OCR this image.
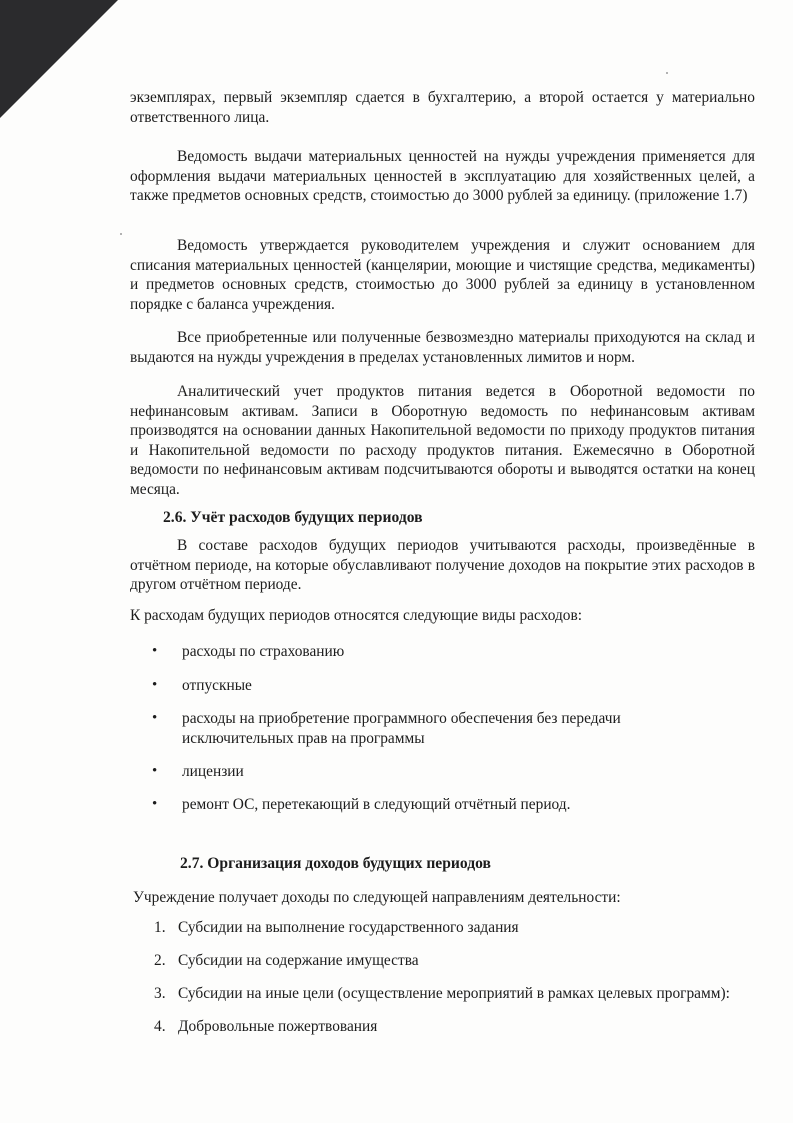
экземплярах, первый экземпляр сдается в бухгалтерию, а второй остается у материально ответственного лица.
Ведомость выдачи материальных ценностей на нужды учреждения применяется для оформления выдачи материальных ценностей в эксплуатацию для хозяйственных целей, а также предметов основных средств, стоимостью до 3000 рублей за единицу. (приложение 1.7)
Ведомость утверждается руководителем учреждения и служит основанием для списания материальных ценностей (канцелярии, моющие и чистящие средства, медикаменты) и предметов основных средств, стоимостью до 3000 рублей за единицу в установленном порядке с баланса учреждения.
Все приобретенные или полученные безвозмездно материалы приходуются на склад и выдаются на нужды учреждения в пределах установленных лимитов и норм.
Аналитический учет продуктов питания ведется в Оборотной ведомости по нефинансовым активам. Записи в Оборотную ведомость по нефинансовым активам производятся на основании данных Накопительной ведомости по приходу продуктов питания и Накопительной ведомости по расходу продуктов питания. Ежемесячно в Оборотной ведомости по нефинансовым активам подсчитываются обороты и выводятся остатки на конец месяца.
2.6. Учёт расходов будущих периодов
В составе расходов будущих периодов учитываются расходы, произведённые в отчётном периоде, на которые обуславливают получение доходов на покрытие этих расходов в другом отчётном периоде.
К расходам будущих периодов относятся следующие виды расходов:
•	расходы по страхованию
•	отпускные
•	расходы на приобретение программного обеспечения без передачи исключительных прав на программы
•	лицензии
•	ремонт ОС, перетекающий в следующий отчётный период.
2.7. Организация доходов будущих периодов
Учреждение получает доходы по следующей направлениям деятельности:
1. Субсидии на выполнение государственного задания
2. Субсидии на содержание имущества
3. Субсидии на иные цели (осуществление мероприятий в рамках целевых программ):
4. Добровольные пожертвования
